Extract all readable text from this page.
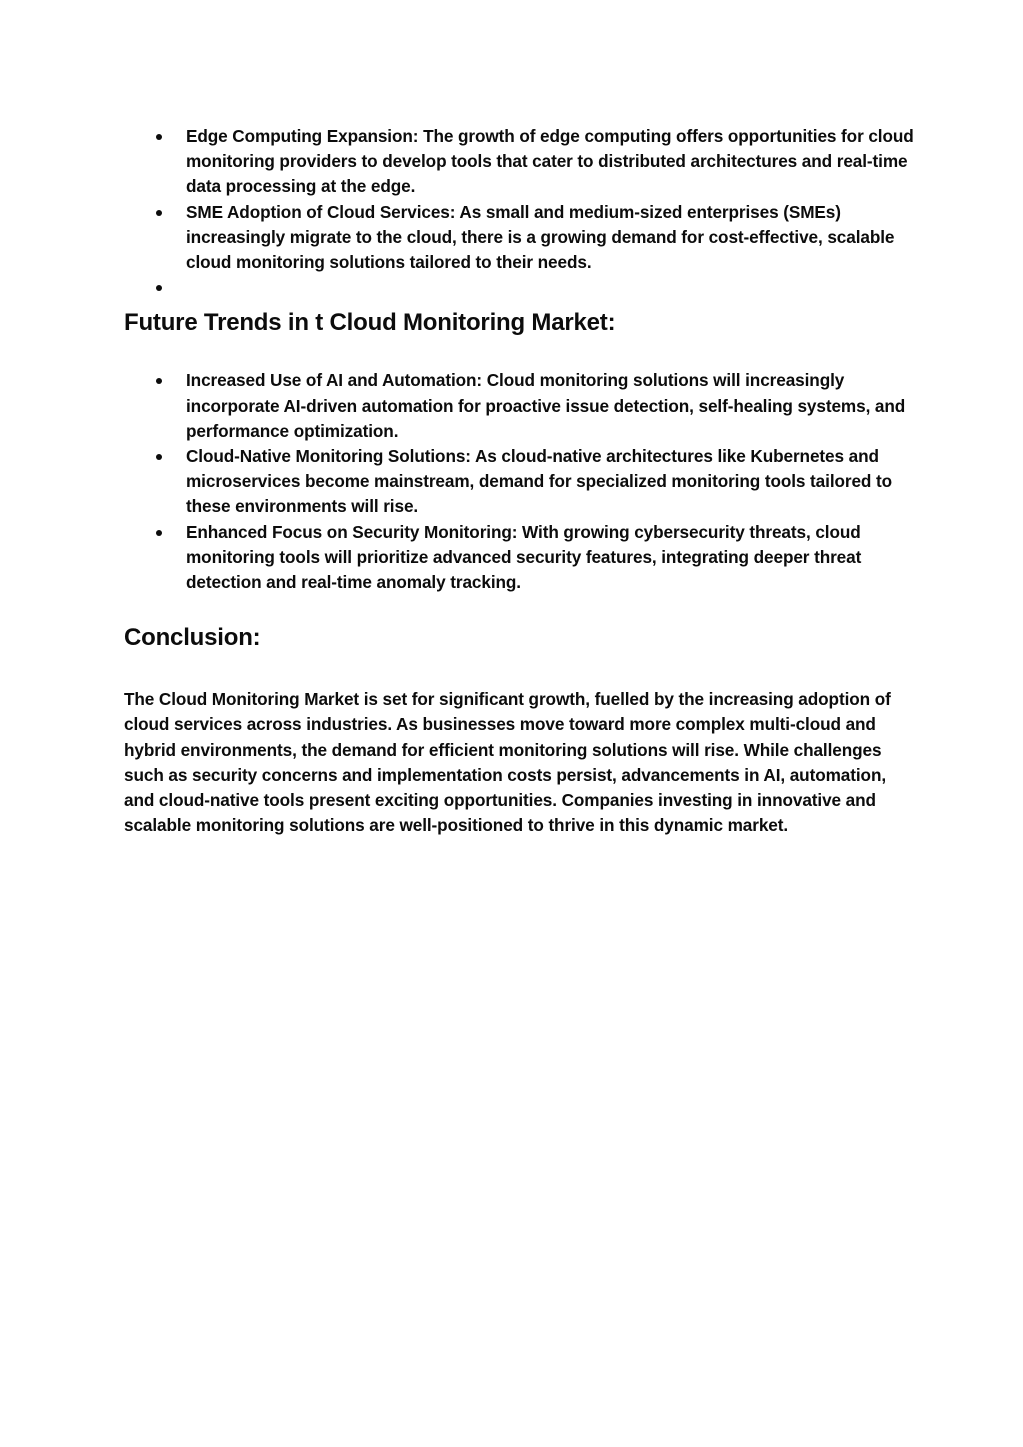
Edge Computing Expansion: The growth of edge computing offers opportunities for cloud monitoring providers to develop tools that cater to distributed architectures and real-time data processing at the edge.
SME Adoption of Cloud Services: As small and medium-sized enterprises (SMEs) increasingly migrate to the cloud, there is a growing demand for cost-effective, scalable cloud monitoring solutions tailored to their needs.
Future Trends in t Cloud Monitoring Market:
Increased Use of AI and Automation: Cloud monitoring solutions will increasingly incorporate AI-driven automation for proactive issue detection, self-healing systems, and performance optimization.
Cloud-Native Monitoring Solutions: As cloud-native architectures like Kubernetes and microservices become mainstream, demand for specialized monitoring tools tailored to these environments will rise.
Enhanced Focus on Security Monitoring: With growing cybersecurity threats, cloud monitoring tools will prioritize advanced security features, integrating deeper threat detection and real-time anomaly tracking.
Conclusion:

The Cloud Monitoring Market is set for significant growth, fuelled by the increasing adoption of cloud services across industries. As businesses move toward more complex multi-cloud and hybrid environments, the demand for efficient monitoring solutions will rise. While challenges such as security concerns and implementation costs persist, advancements in AI, automation, and cloud-native tools present exciting opportunities. Companies investing in innovative and scalable monitoring solutions are well-positioned to thrive in this dynamic market.
